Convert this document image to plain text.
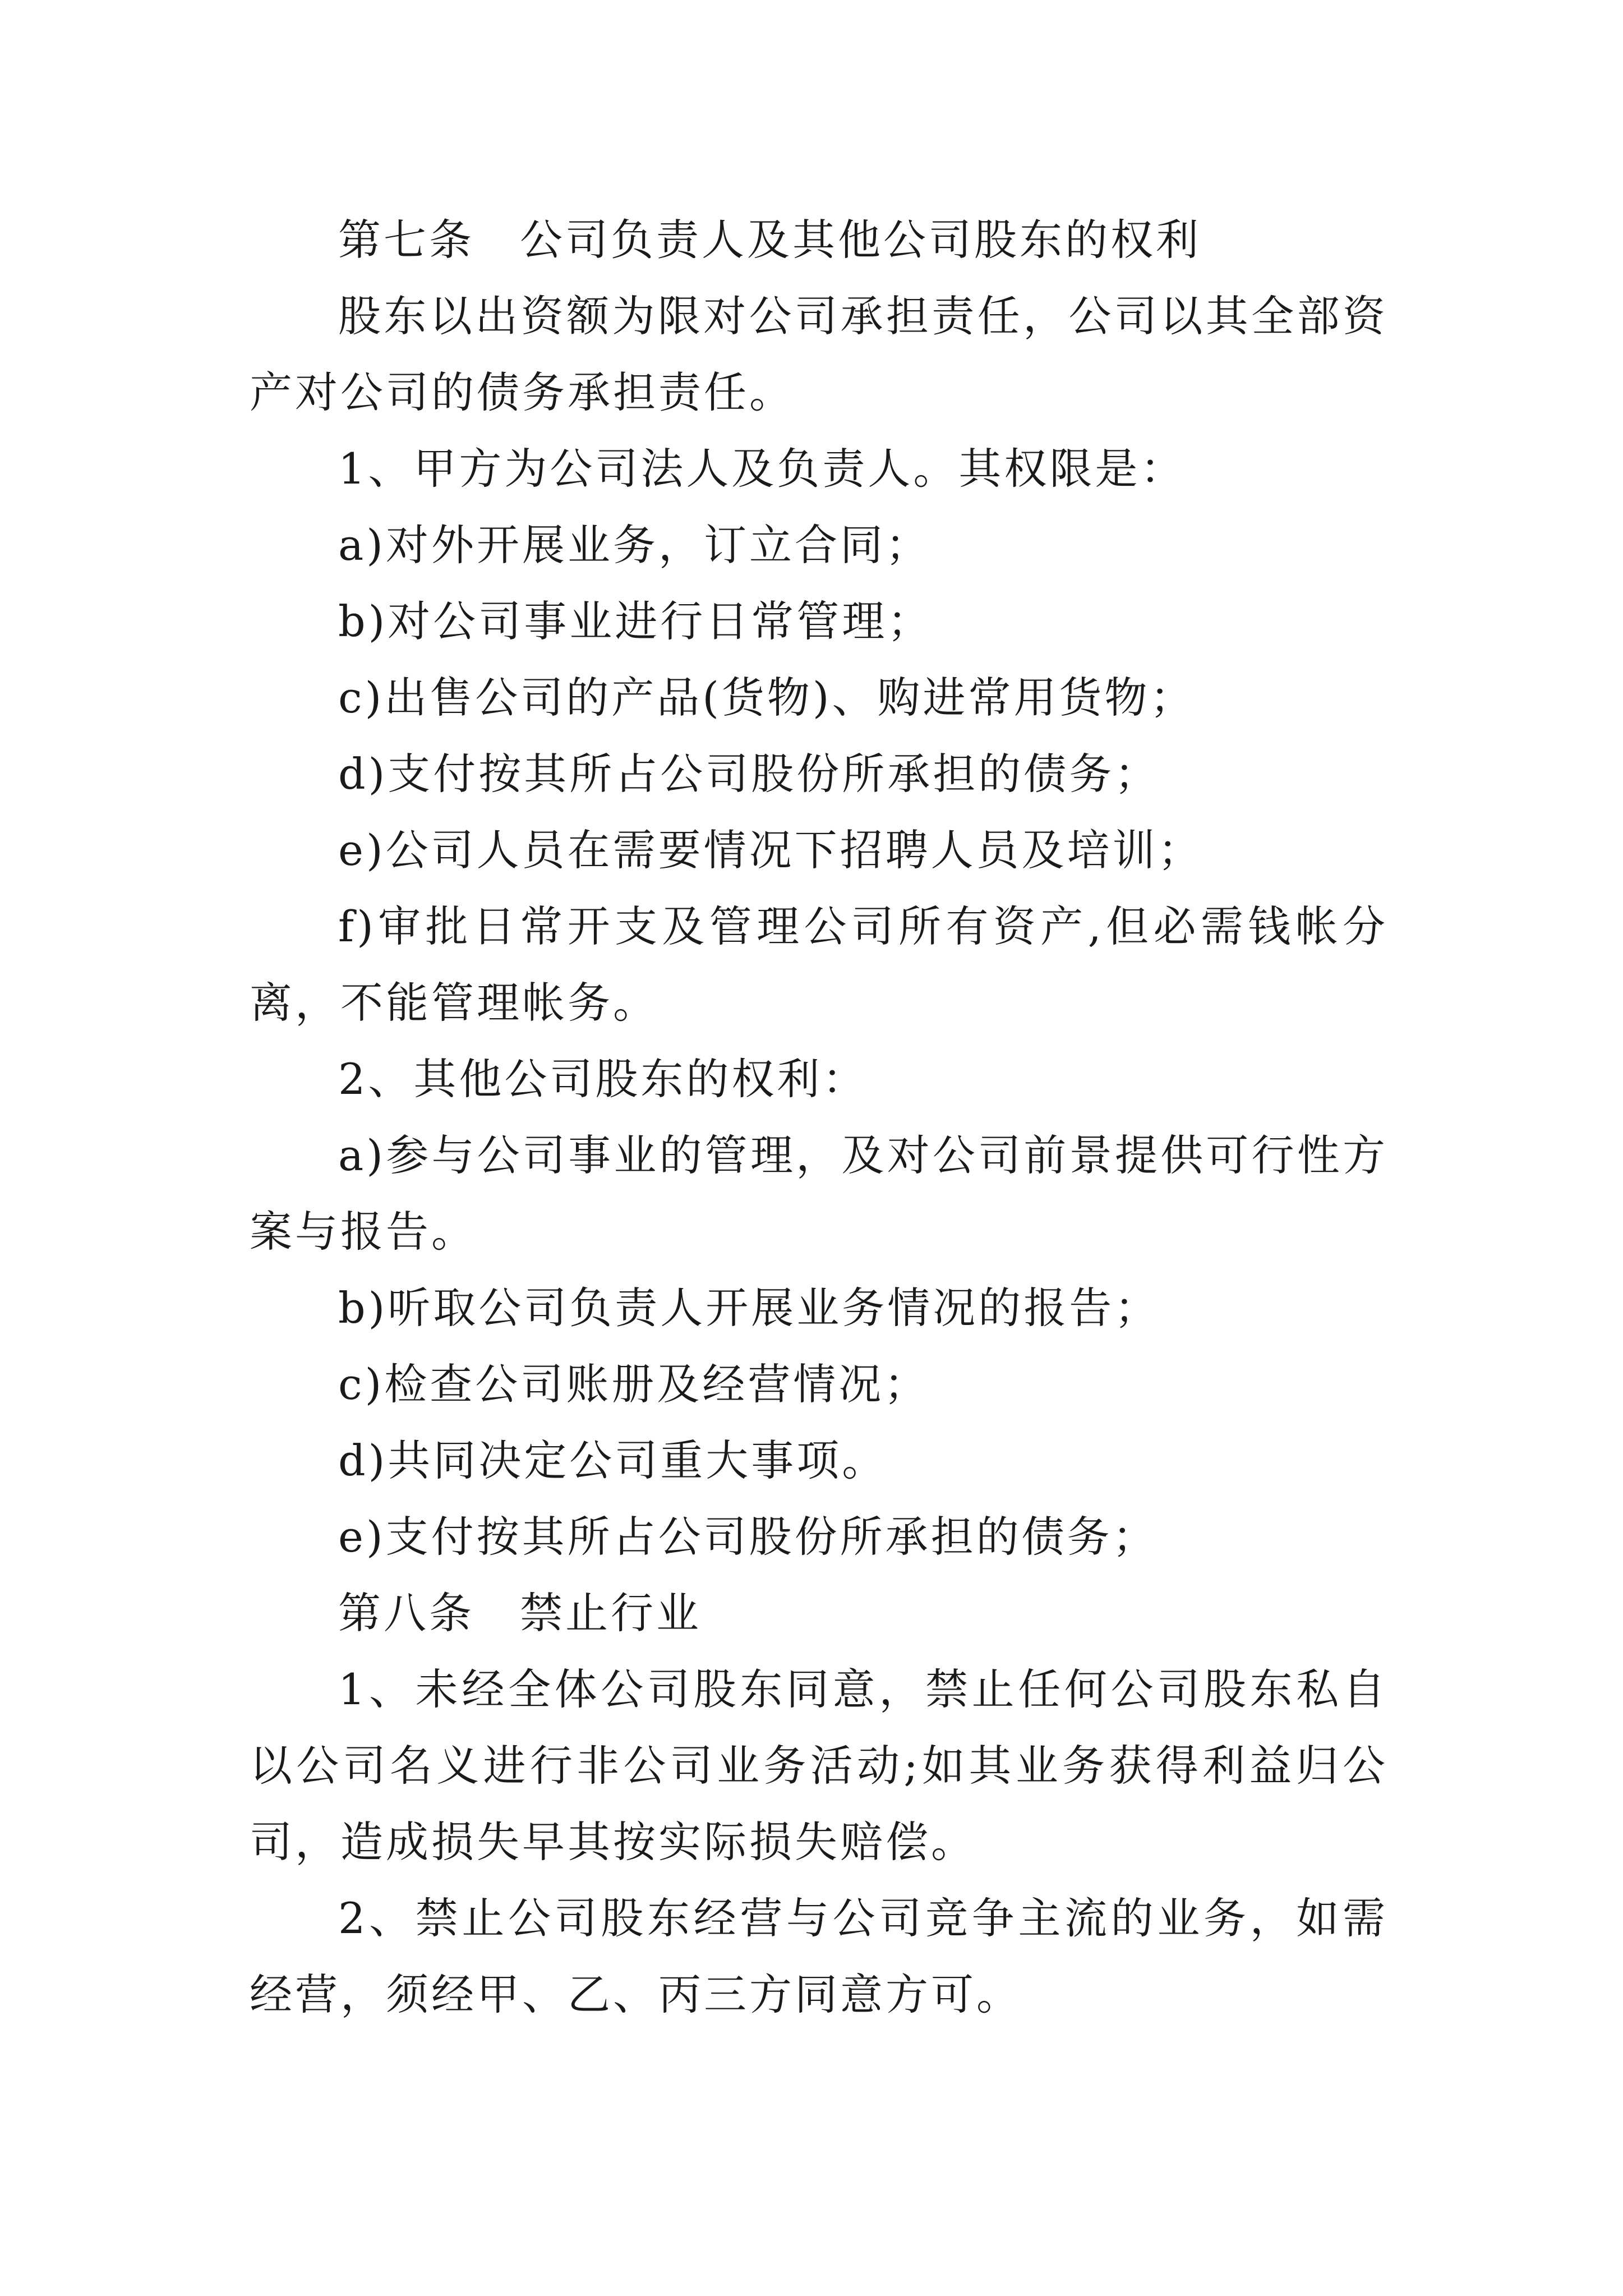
第七条　公司负责人及其他公司股东的权利

股东以出资额为限对公司承担责任，公司以其全部资产对公司的债务承担责任。

1、甲方为公司法人及负责人。其权限是：

a)对外开展业务，订立合同；

b)对公司事业进行日常管理；

c)出售公司的产品(货物)、购进常用货物；

d)支付按其所占公司股份所承担的债务；

e)公司人员在需要情况下招聘人员及培训；

f)审批日常开支及管理公司所有资产,但必需钱帐分离，不能管理帐务。

2、其他公司股东的权利：

a)参与公司事业的管理，及对公司前景提供可行性方案与报告。

b)听取公司负责人开展业务情况的报告；

c)检查公司账册及经营情况；

d)共同决定公司重大事项。

e)支付按其所占公司股份所承担的债务；

第八条　禁止行业

1、未经全体公司股东同意，禁止任何公司股东私自以公司名义进行非公司业务活动;如其业务获得利益归公司，造成损失早其按实际损失赔偿。

2、禁止公司股东经营与公司竞争主流的业务，如需经营，须经甲、乙、丙三方同意方可。
